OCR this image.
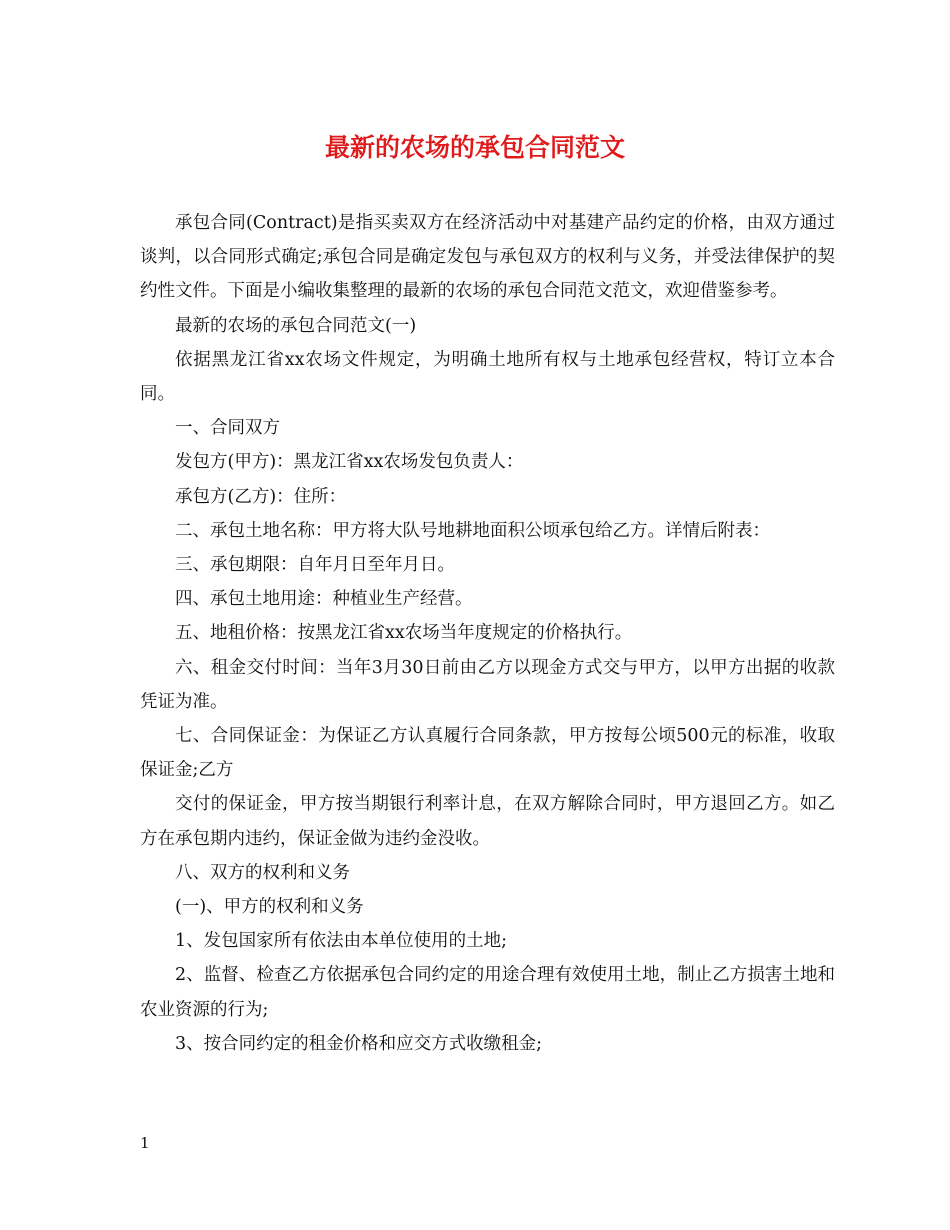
最新的农场的承包合同范文

承包合同(Contract)是指买卖双方在经济活动中对基建产品约定的价格，由双方通过谈判，以合同形式确定;承包合同是确定发包与承包双方的权利与义务，并受法律保护的契约性文件。下面是小编收集整理的最新的农场的承包合同范文范文，欢迎借鉴参考。

最新的农场的承包合同范文(一)

依据黑龙江省xx农场文件规定，为明确土地所有权与土地承包经营权，特订立本合同。

一、合同双方

发包方(甲方)：黑龙江省xx农场发包负责人：

承包方(乙方)：住所：

二、承包土地名称：甲方将大队号地耕地面积公顷承包给乙方。详情后附表：

三、承包期限：自年月日至年月日。

四、承包土地用途：种植业生产经营。

五、地租价格：按黑龙江省xx农场当年度规定的价格执行。

六、租金交付时间：当年3月30日前由乙方以现金方式交与甲方，以甲方出据的收款凭证为准。

七、合同保证金：为保证乙方认真履行合同条款，甲方按每公顷500元的标准，收取保证金;乙方

交付的保证金，甲方按当期银行利率计息，在双方解除合同时，甲方退回乙方。如乙方在承包期内违约，保证金做为违约金没收。

八、双方的权利和义务

(一)、甲方的权利和义务

1、发包国家所有依法由本单位使用的土地;

2、监督、检查乙方依据承包合同约定的用途合理有效使用土地，制止乙方损害土地和农业资源的行为;

3、按合同约定的租金价格和应交方式收缴租金;

1
